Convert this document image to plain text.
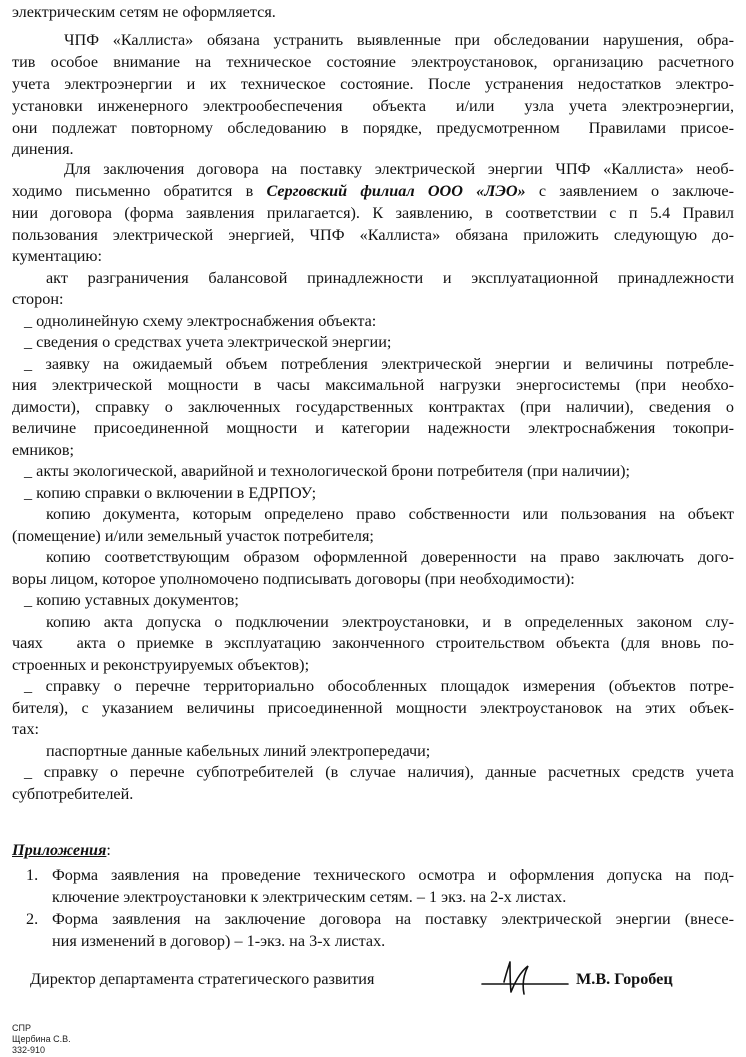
электрическим сетям не оформляется.
ЧПФ «Каллиста» обязана устранить выявленные при обследовании нарушения, обра-
тив особое внимание на техническое состояние электроустановок, организацию расчетного
учета электроэнергии и их техническое состояние. После устранения недостатков электро-
установки инженерного электрообеспечения  объекта  и/или  узла учета электроэнергии,
они подлежат повторному обследованию в порядке, предусмотренном  Правилами присое-
динения.
Для заключения договора на поставку электрической энергии ЧПФ «Каллиста» необ-
ходимо письменно обратится в Серговский филиал ООО «ЛЭО» с заявлением о заключе-
нии договора (форма заявления прилагается). К заявлению, в соответствии с п 5.4 Правил
пользования электрической энергией, ЧПФ «Каллиста» обязана приложить следующую до-
кументацию:
акт разграничения балансовой принадлежности и эксплуатационной принадлежности
сторон:
_ однолинейную схему электроснабжения объекта:
_ сведения о средствах учета электрической энергии;
_ заявку на ожидаемый объем потребления электрической энергии и величины потребле-
ния электрической мощности в часы максимальной нагрузки энергосистемы (при необхо-
димости), справку о заключенных государственных контрактах (при наличии), сведения о
величине присоединенной мощности и категории надежности электроснабжения токопри-
емников;
_ акты экологической, аварийной и технологической брони потребителя (при наличии);
_ копию справки о включении в ЕДРПОУ;
копию документа, которым определено право собственности или пользования на объект
(помещение) и/или земельный участок потребителя;
копию соответствующим образом оформленной доверенности на право заключать дого-
воры лицом, которое уполномочено подписывать договоры (при необходимости):
_ копию уставных документов;
копию акта допуска о подключении электроустановки, и в определенных законом слу-
чаях   акта о приемке в эксплуатацию законченного строительством объекта (для вновь по-
строенных и реконструируемых объектов);
_ справку о перечне территориально обособленных площадок измерения (объектов потре-
бителя), с указанием величины присоединенной мощности электроустановок на этих объек-
тах:
паспортные данные кабельных линий электропередачи;
_ справку о перечне субпотребителей (в случае наличия), данные расчетных средств учета
субпотребителей.
Приложения:
1. Форма заявления на проведение технического осмотра и оформления допуска на под-
ключение электроустановки к электрическим сетям. – 1 экз. на 2-х листах.
2. Форма заявления на заключение договора на поставку электрической энергии (внесе-
ния изменений в договор) – 1-экз. на 3-х листах.
Директор департамента стратегического развития	М.В. Горобец
СПР
Щербина С.В.
332-910
